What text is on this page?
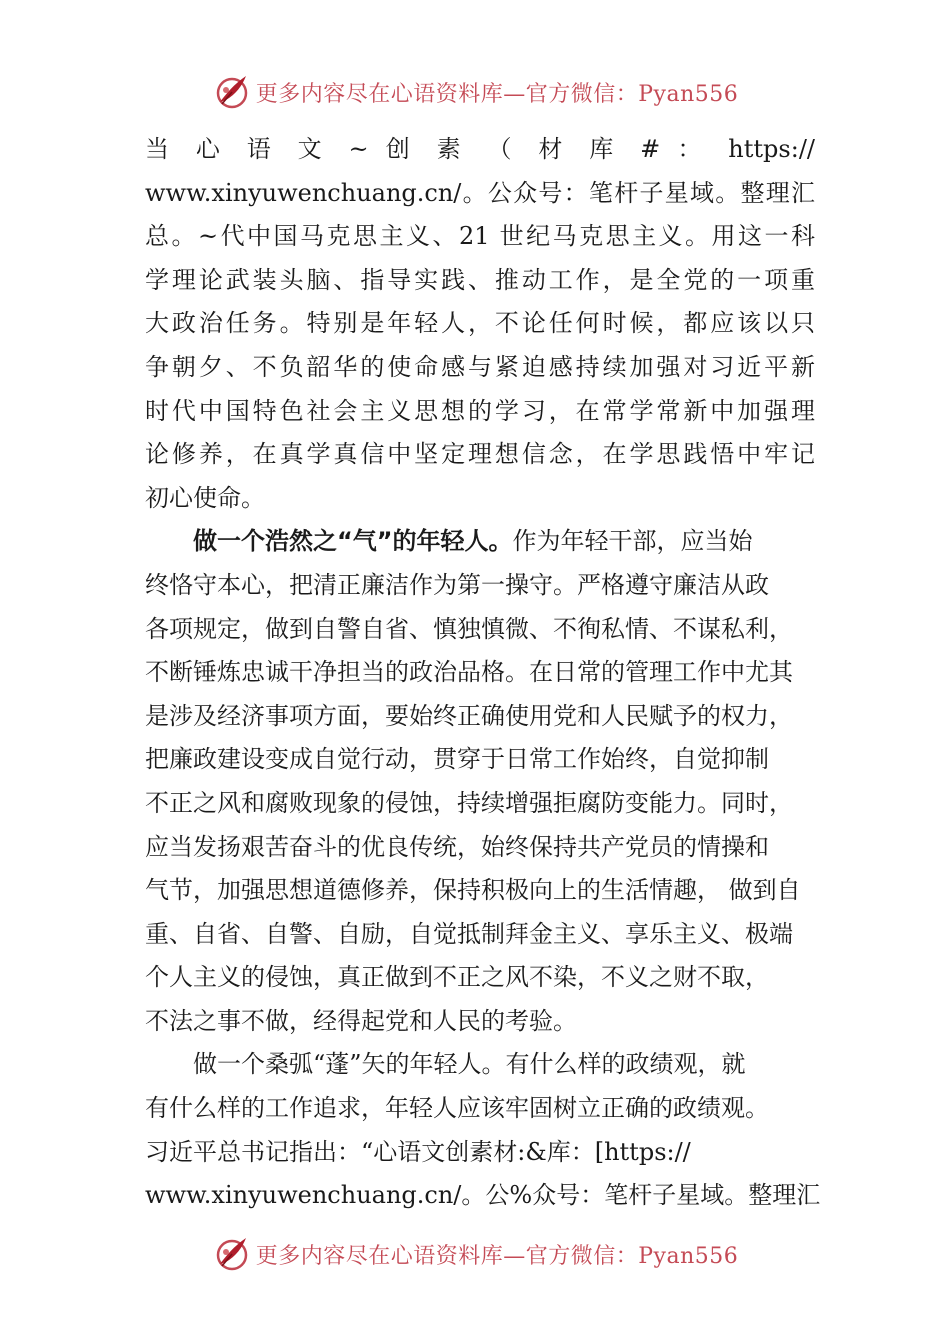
更多内容尽在心语资料库—官方微信：Pyan556
当 心 语 文 ~ 创 素 （ 材 库 # ： https://
www.xinyuwenchuang.cn/。公众号：笔杆子星域。整理汇
总。~代中国马克思主义、21 世纪马克思主义。用这一科
学理论武装头脑、指导实践、推动工作，是全党的一项重
大政治任务。特别是年轻人，不论任何时候，都应该以只
争朝夕、不负韶华的使命感与紧迫感持续加强对习近平新
时代中国特色社会主义思想的学习，在常学常新中加强理
论修养，在真学真信中坚定理想信念，在学思践悟中牢记
初心使命。
做一个浩然之“气”的年轻人。作为年轻干部，应当始
终恪守本心，把清正廉洁作为第一操守。严格遵守廉洁从政
各项规定，做到自警自省、慎独慎微、不徇私情、不谋私利，
不断锤炼忠诚干净担当的政治品格。在日常的管理工作中尤其
是涉及经济事项方面，要始终正确使用党和人民赋予的权力，
把廉政建设变成自觉行动，贯穿于日常工作始终，自觉抑制
不正之风和腐败现象的侵蚀，持续增强拒腐防变能力。同时，
应当发扬艰苦奋斗的优良传统，始终保持共产党员的情操和
气节，加强思想道德修养，保持积极向上的生活情趣， 做到自
重、自省、自警、自励，自觉抵制拜金主义、享乐主义、极端
个人主义的侵蚀，真正做到不正之风不染，不义之财不取，
不法之事不做，经得起党和人民的考验。
做一个桑弧“蓬”矢的年轻人。有什么样的政绩观，就
有什么样的工作追求，年轻人应该牢固树立正确的政绩观。
习近平总书记指出：“心语文创素材:&库：[https://
www.xinyuwenchuang.cn/。公%众号：笔杆子星域。整理汇
更多内容尽在心语资料库—官方微信：Pyan556
